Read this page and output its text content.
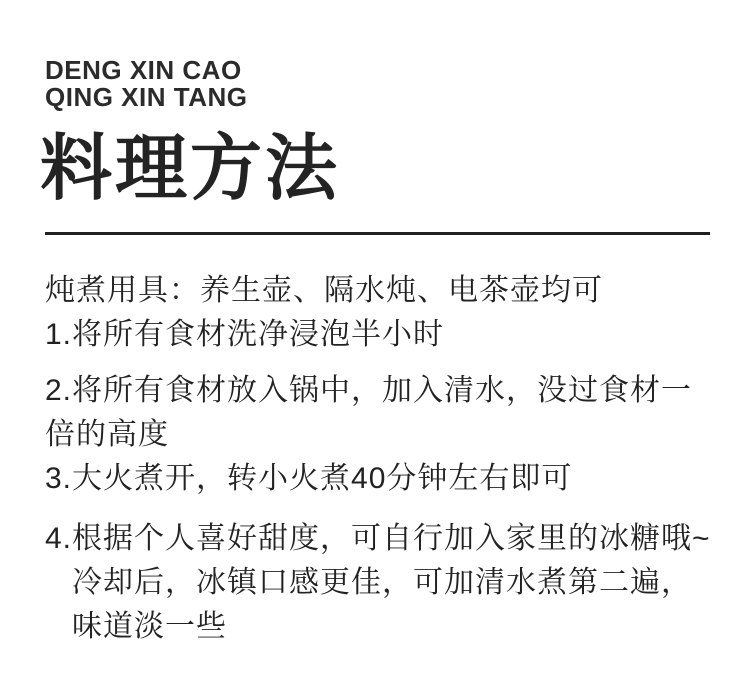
DENG XIN CAO
QING XIN TANG
料理方法

炖煮用具：养生壶、隔水炖、电茶壶均可

1.将所有食材洗净浸泡半小时

2.将所有食材放入锅中，加入清水，没过食材一

倍的高度

3.大火煮开，转小火煮40分钟左右即可

4.根据个人喜好甜度，可自行加入家里的冰糖哦~

冷却后，冰镇口感更佳，可加清水煮第二遍，

味道淡一些
